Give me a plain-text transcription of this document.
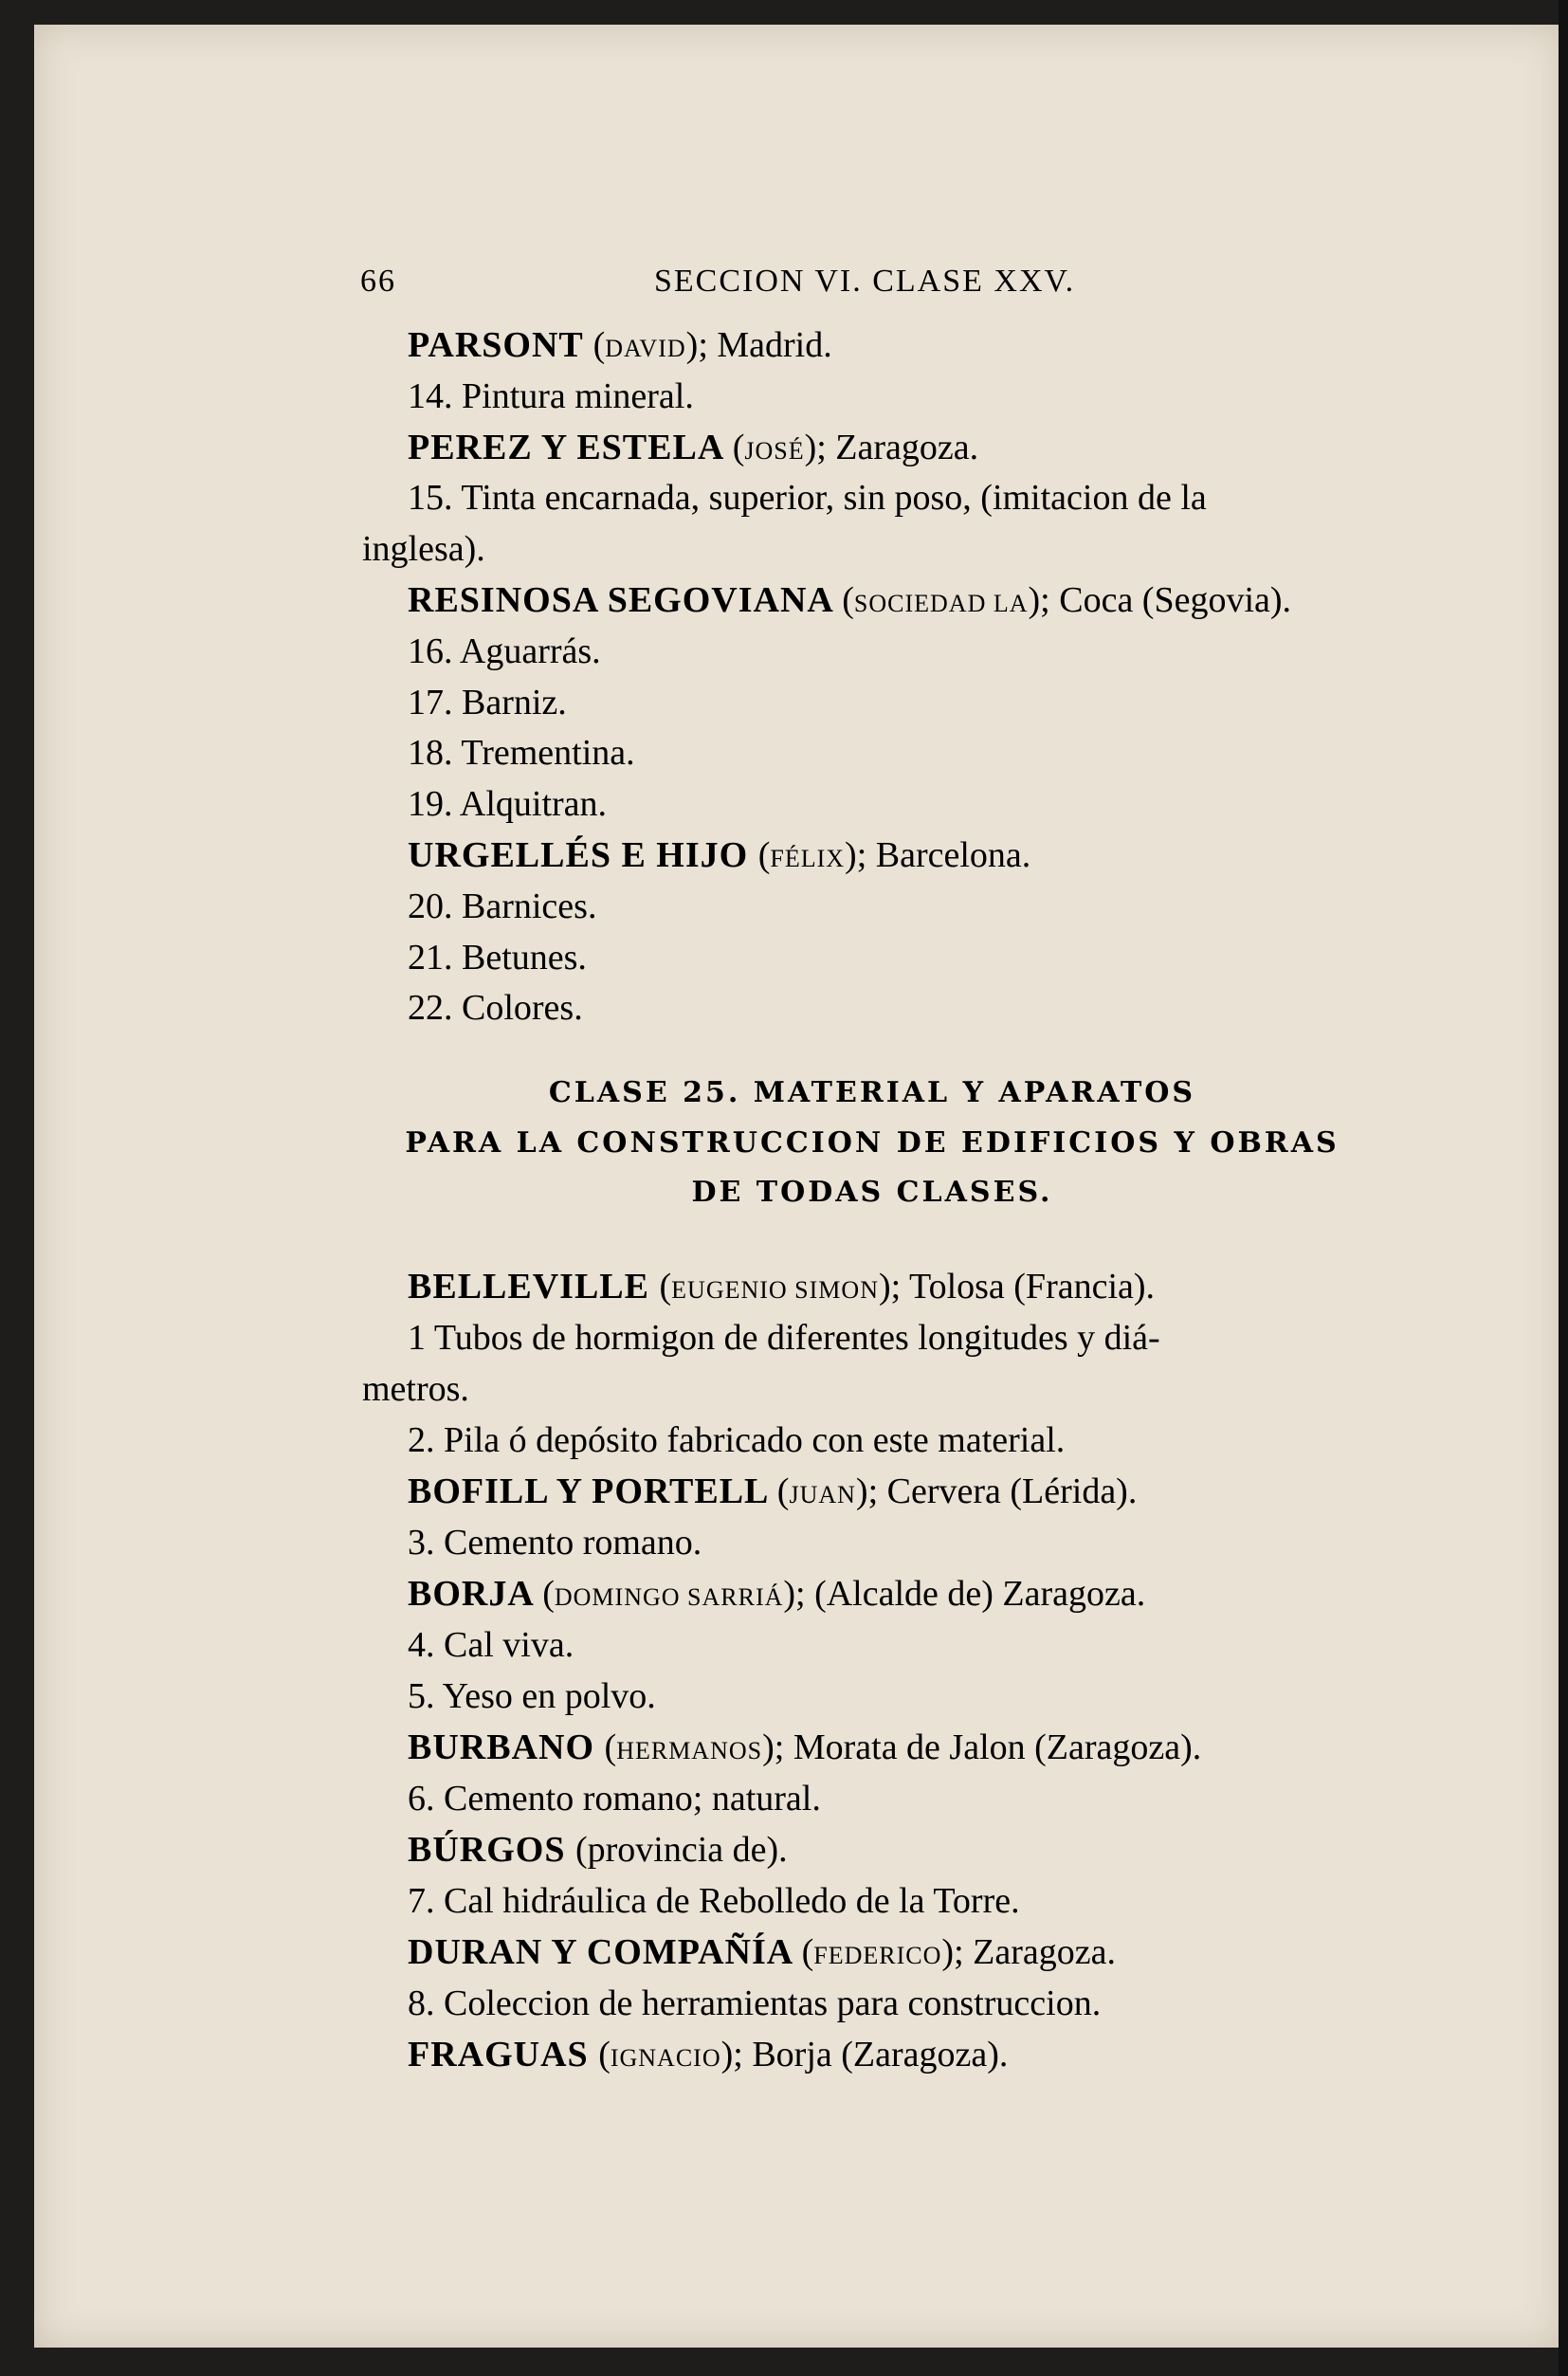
66	SECCION VI. CLASE XXV.
PARSONT (DAVID); Madrid.
14. Pintura mineral.
PEREZ Y ESTELA (JOSÉ); Zaragoza.
15. Tinta encarnada, superior, sin poso, (imitacion de la
inglesa).
RESINOSA SEGOVIANA (SOCIEDAD LA); Coca (Segovia).
16. Aguarrás.
17. Barniz.
18. Trementina.
19. Alquitran.
URGELLÉS E HIJO (FÉLIX); Barcelona.
20. Barnices.
21. Betunes.
22. Colores.
CLASE 25. MATERIAL Y APARATOS
PARA LA CONSTRUCCION DE EDIFICIOS Y OBRAS
DE TODAS CLASES.
BELLEVILLE (EUGENIO SIMON); Tolosa (Francia).
1 Tubos de hormigon de diferentes longitudes y diá-
metros.
2. Pila ó depósito fabricado con este material.
BOFILL Y PORTELL (JUAN); Cervera (Lérida).
3. Cemento romano.
BORJA (DOMINGO SARRIÁ); (Alcalde de) Zaragoza.
4. Cal viva.
5. Yeso en polvo.
BURBANO (HERMANOS); Morata de Jalon (Zaragoza).
6. Cemento romano; natural.
BÚRGOS (provincia de).
7. Cal hidráulica de Rebolledo de la Torre.
DURAN Y COMPAÑÍA (FEDERICO); Zaragoza.
8. Coleccion de herramientas para construccion.
FRAGUAS (IGNACIO); Borja (Zaragoza).
